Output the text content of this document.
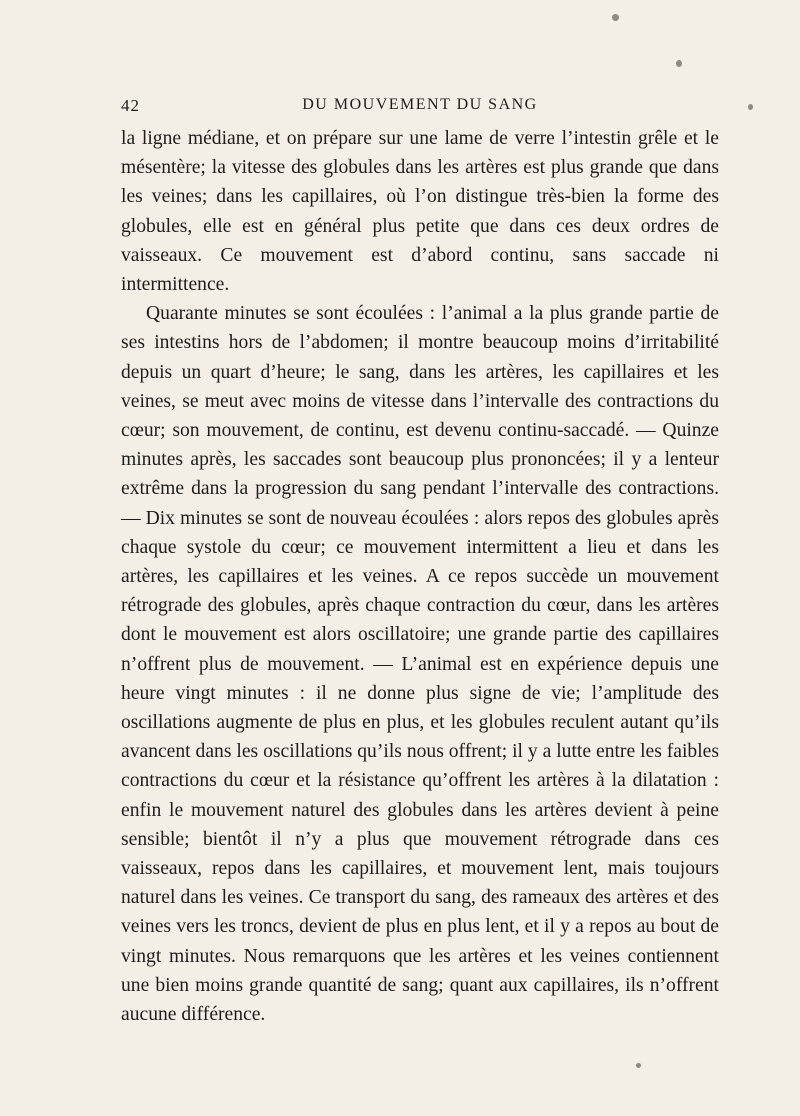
42	DU MOUVEMENT DU SANG

la ligne médiane, et on prépare sur une lame de verre l’intestin grêle et le mésentère; la vitesse des globules dans les artères est plus grande que dans les veines; dans les capillaires, où l’on distingue très-bien la forme des globules, elle est en général plus petite que dans ces deux ordres de vaisseaux. Ce mouvement est d’abord continu, sans saccade ni intermittence.

Quarante minutes se sont écoulées : l’animal a la plus grande partie de ses intestins hors de l’abdomen; il montre beaucoup moins d’irritabilité depuis un quart d’heure; le sang, dans les artères, les capillaires et les veines, se meut avec moins de vitesse dans l’intervalle des contractions du cœur; son mouvement, de continu, est devenu continu-saccadé. — Quinze minutes après, les saccades sont beaucoup plus prononcées; il y a lenteur extrême dans la progression du sang pendant l’intervalle des contractions. — Dix minutes se sont de nouveau écoulées : alors repos des globules après chaque systole du cœur; ce mouvement intermittent a lieu et dans les artères, les capillaires et les veines. A ce repos succède un mouvement rétrograde des globules, après chaque contraction du cœur, dans les artères dont le mouvement est alors oscillatoire; une grande partie des capillaires n’offrent plus de mouvement. — L’animal est en expérience depuis une heure vingt minutes : il ne donne plus signe de vie; l’amplitude des oscillations augmente de plus en plus, et les globules reculent autant qu’ils avancent dans les oscillations qu’ils nous offrent; il y a lutte entre les faibles contractions du cœur et la résistance qu’offrent les artères à la dilatation : enfin le mouvement naturel des globules dans les artères devient à peine sensible; bientôt il n’y a plus que mouvement rétrograde dans ces vaisseaux, repos dans les capillaires, et mouvement lent, mais toujours naturel dans les veines. Ce transport du sang, des rameaux des artères et des veines vers les troncs, devient de plus en plus lent, et il y a repos au bout de vingt minutes. Nous remarquons que les artères et les veines contiennent une bien moins grande quantité de sang; quant aux capillaires, ils n’offrent aucune différence.
